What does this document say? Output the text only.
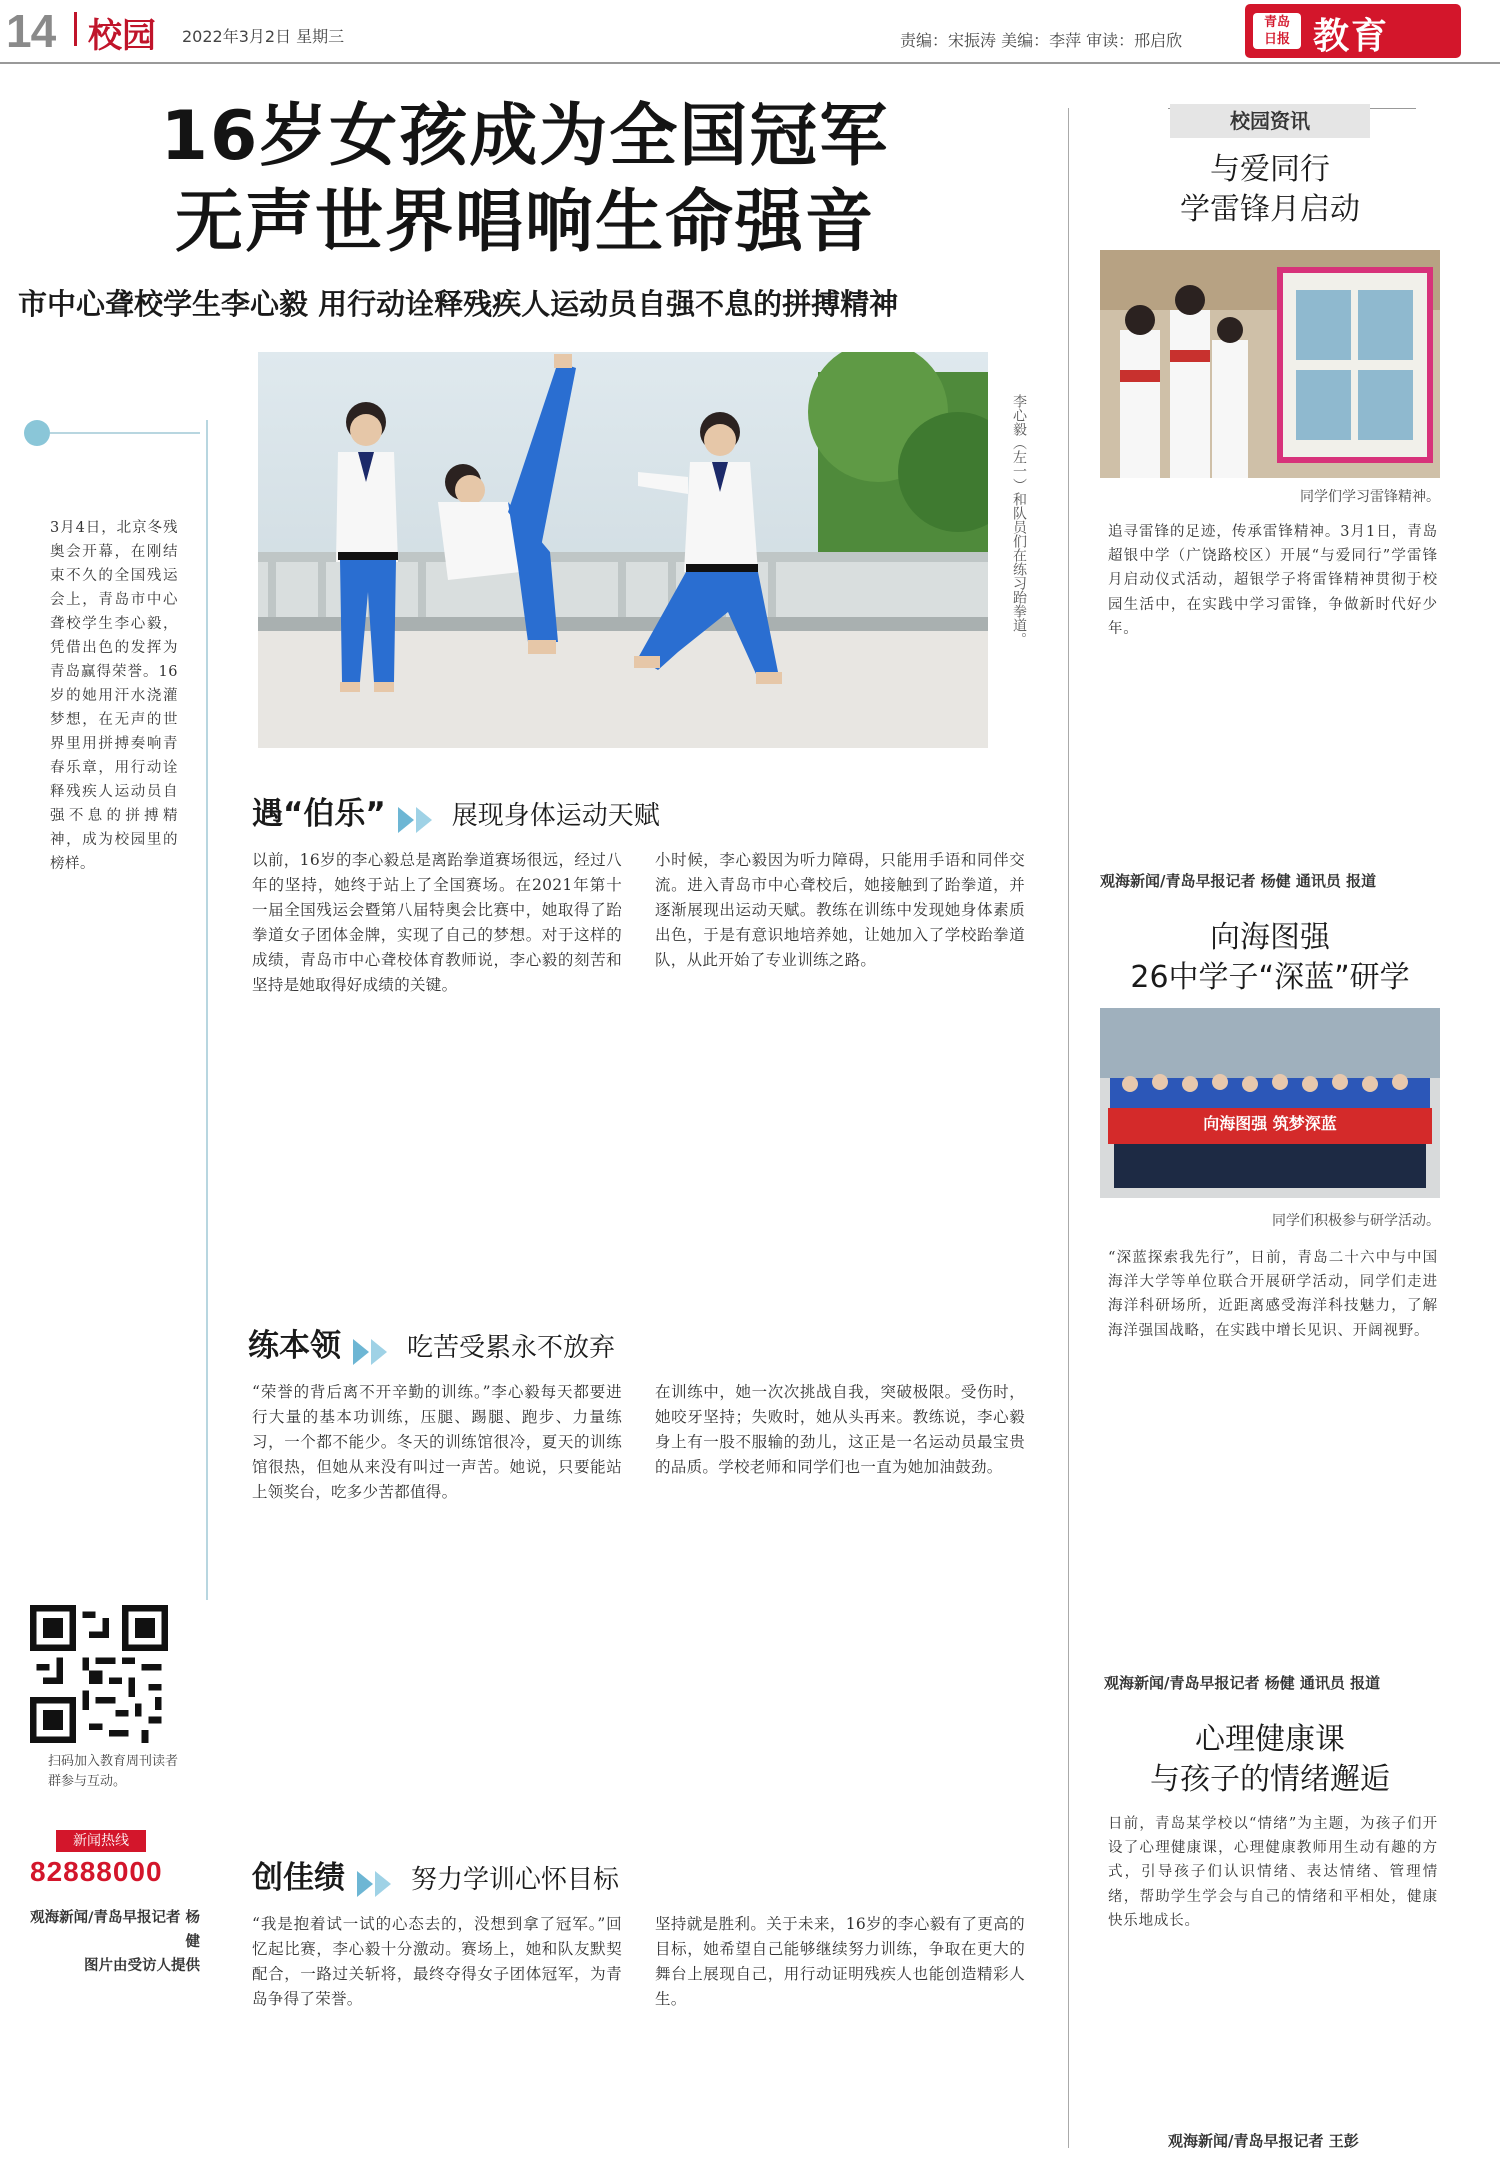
14 校园 2022年3月2日 星期三	责编：宋振涛 美编：李萍 审读：邢启欣
青岛
日报 教育
16岁女孩成为全国冠军
无声世界唱响生命强音
市中心聋校学生李心毅 用行动诠释残疾人运动员自强不息的拼搏精神
李心毅（左一）和队员们在练习跆拳道。
3月4日，北京冬残奥会开幕，在刚结束不久的全国残运会上，青岛市中心聋校学生李心毅，凭借出色的发挥为青岛赢得荣誉。16岁的她用汗水浇灌梦想，在无声的世界里用拼搏奏响青春乐章，用行动诠释残疾人运动员自强不息的拼搏精神，成为校园里的榜样。
扫码加入教育周刊读者群参与互动。
新闻热线
82888000
观海新闻/青岛早报记者 杨健
图片由受访人提供
遇“伯乐”	展现身体运动天赋
以前，16岁的李心毅总是离跆拳道赛场很远，经过八年的坚持，她终于站上了全国赛场。在2021年第十一届全国残运会暨第八届特奥会比赛中，她取得了跆拳道女子团体金牌，实现了自己的梦想。对于这样的成绩，青岛市中心聋校体育教师说，李心毅的刻苦和坚持是她取得好成绩的关键。
小时候，李心毅因为听力障碍，只能用手语和同伴交流。进入青岛市中心聋校后，她接触到了跆拳道，并逐渐展现出运动天赋。教练在训练中发现她身体素质出色，于是有意识地培养她，让她加入了学校跆拳道队，从此开始了专业训练之路。
练本领	吃苦受累永不放弃
“荣誉的背后离不开辛勤的训练。”李心毅每天都要进行大量的基本功训练，压腿、踢腿、跑步、力量练习，一个都不能少。冬天的训练馆很冷，夏天的训练馆很热，但她从来没有叫过一声苦。她说，只要能站上领奖台，吃多少苦都值得。
在训练中，她一次次挑战自我，突破极限。受伤时，她咬牙坚持；失败时，她从头再来。教练说，李心毅身上有一股不服输的劲儿，这正是一名运动员最宝贵的品质。学校老师和同学们也一直为她加油鼓劲。
创佳绩	努力学训心怀目标
“我是抱着试一试的心态去的，没想到拿了冠军。”回忆起比赛，李心毅十分激动。赛场上，她和队友默契配合，一路过关斩将，最终夺得女子团体冠军，为青岛争得了荣誉。
坚持就是胜利。关于未来，16岁的李心毅有了更高的目标，她希望自己能够继续努力训练，争取在更大的舞台上展现自己，用行动证明残疾人也能创造精彩人生。
校园资讯
与爱同行
学雷锋月启动
同学们学习雷锋精神。
追寻雷锋的足迹，传承雷锋精神。3月1日，青岛超银中学（广饶路校区）开展“与爱同行”学雷锋月启动仪式活动，超银学子将雷锋精神贯彻于校园生活中，在实践中学习雷锋，争做新时代好少年。
观海新闻/青岛早报记者 杨健 通讯员 报道
向海图强
26中学子“深蓝”研学
向海图强 筑梦深蓝
同学们积极参与研学活动。
“深蓝探索我先行”，日前，青岛二十六中与中国海洋大学等单位联合开展研学活动，同学们走进海洋科研场所，近距离感受海洋科技魅力，了解海洋强国战略，在实践中增长见识、开阔视野。
观海新闻/青岛早报记者 杨健 通讯员 报道
心理健康课
与孩子的情绪邂逅
日前，青岛某学校以“情绪”为主题，为孩子们开设了心理健康课，心理健康教师用生动有趣的方式，引导孩子们认识情绪、表达情绪、管理情绪，帮助学生学会与自己的情绪和平相处，健康快乐地成长。
观海新闻/青岛早报记者 王彭
